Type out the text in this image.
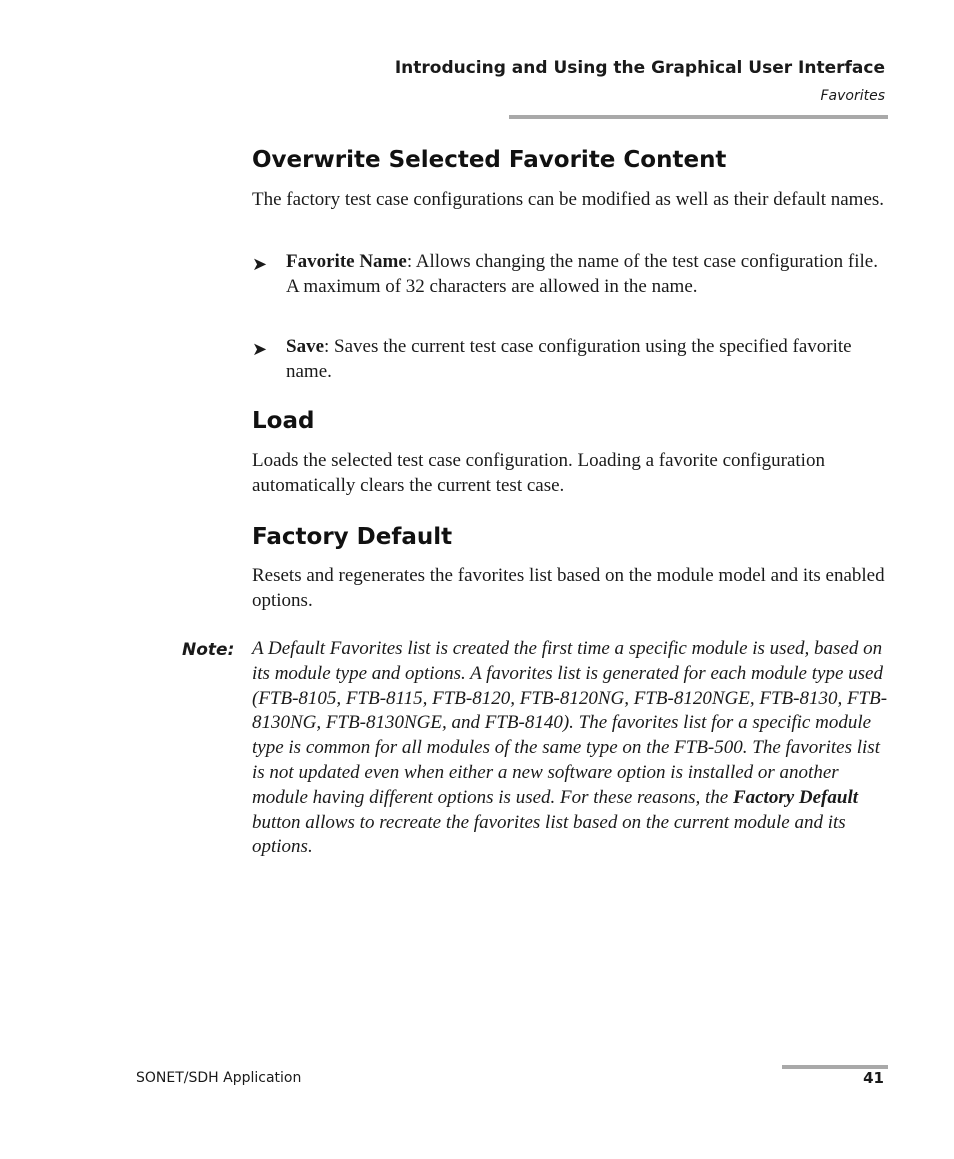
Introducing and Using the Graphical User Interface
Favorites
Overwrite Selected Favorite Content

The factory test case configurations can be modified as well as their default names.

➤ Favorite Name: Allows changing the name of the test case configuration file. A maximum of 32 characters are allowed in the name.
➤ Save: Saves the current test case configuration using the specified favorite name.
Load

Loads the selected test case configuration. Loading a favorite configuration automatically clears the current test case.

Factory Default

Resets and regenerates the favorites list based on the module model and its enabled options.

Note: A Default Favorites list is created the first time a specific module is used, based on its module type and options. A favorites list is generated for each module type used (FTB-8105, FTB-8115, FTB-8120, FTB-8120NG, FTB-8120NGE, FTB-8130, FTB-8130NG, FTB-8130NGE, and FTB-8140). The favorites list for a specific module type is common for all modules of the same type on the FTB-500. The favorites list is not updated even when either a new software option is installed or another module having different options is used. For these reasons, the Factory Default button allows to recreate the favorites list based on the current module and its options.

SONET/SDH Application	41
